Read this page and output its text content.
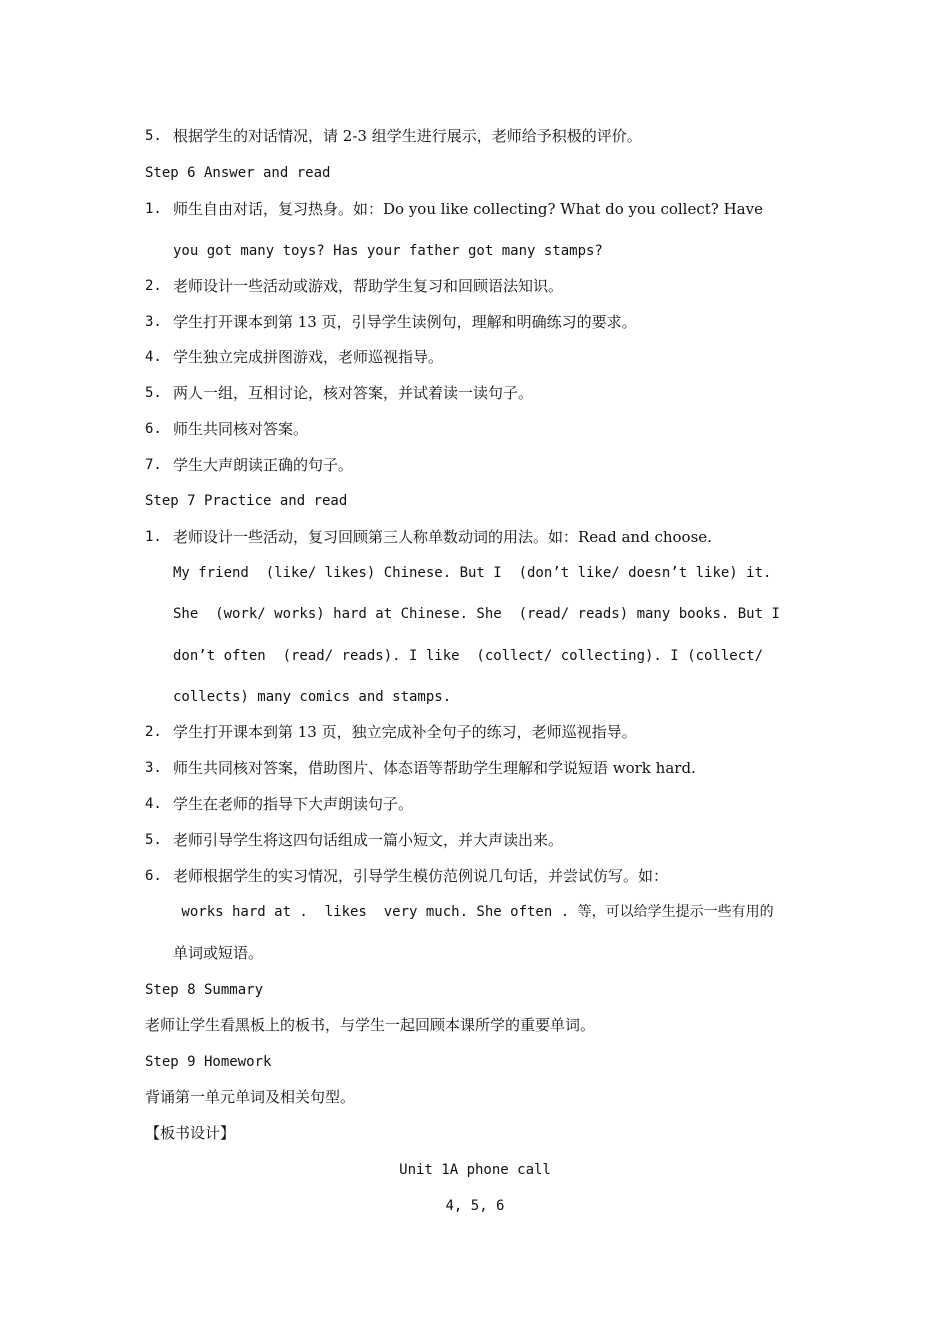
5. 根据学生的对话情况，请 2-3 组学生进行展示，老师给予积极的评价。
Step 6 Answer and read
1. 师生自由对话，复习热身。如：Do you like collecting? What do you collect? Have
you got many toys? Has your father got many stamps?
2. 老师设计一些活动或游戏，帮助学生复习和回顾语法知识。
3. 学生打开课本到第 13 页，引导学生读例句，理解和明确练习的要求。
4. 学生独立完成拼图游戏，老师巡视指导。
5. 两人一组，互相讨论，核对答案，并试着读一读句子。
6. 师生共同核对答案。
7. 学生大声朗读正确的句子。
Step 7 Practice and read
1. 老师设计一些活动，复习回顾第三人称单数动词的用法。如：Read and choose.
My friend  (like/ likes) Chinese. But I  (don’t like/ doesn’t like) it.
She  (work/ works) hard at Chinese. She  (read/ reads) many books. But I
don’t often  (read/ reads). I like  (collect/ collecting). I (collect/
collects) many comics and stamps.
2. 学生打开课本到第 13 页，独立完成补全句子的练习，老师巡视指导。
3. 师生共同核对答案，借助图片、体态语等帮助学生理解和学说短语 work hard.
4. 学生在老师的指导下大声朗读句子。
5. 老师引导学生将这四句话组成一篇小短文，并大声读出来。
6. 老师根据学生的实习情况，引导学生模仿范例说几句话，并尝试仿写。如：
works hard at .  likes  very much. She often . 等，可以给学生提示一些有用的
单词或短语。
Step 8 Summary
老师让学生看黑板上的板书，与学生一起回顾本课所学的重要单词。
Step 9 Homework
背诵第一单元单词及相关句型。
【板书设计】
Unit 1A phone call
4, 5, 6
